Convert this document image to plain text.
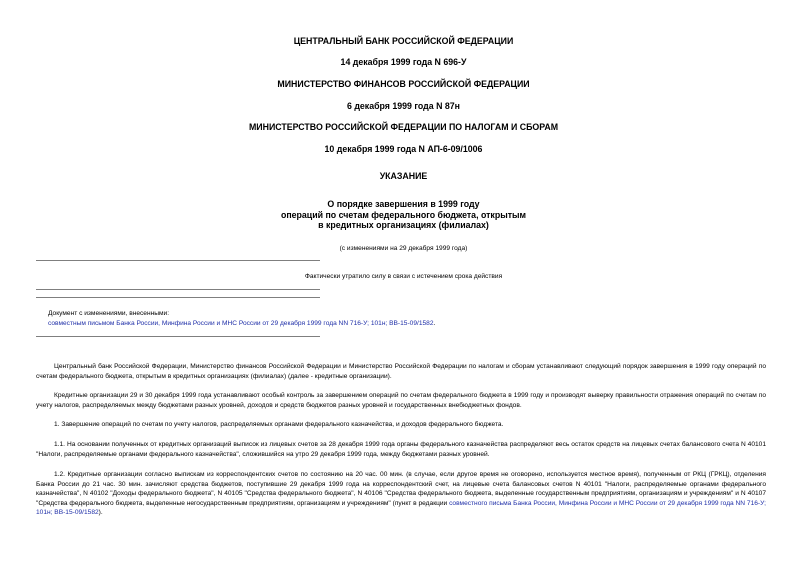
ЦЕНТРАЛЬНЫЙ БАНК РОССИЙСКОЙ ФЕДЕРАЦИИ
14 декабря 1999 года N 696-У
МИНИСТЕРСТВО ФИНАНСОВ РОССИЙСКОЙ ФЕДЕРАЦИИ
6 декабря 1999 года N 87н
МИНИСТЕРСТВО РОССИЙСКОЙ ФЕДЕРАЦИИ ПО НАЛОГАМ И СБОРАМ
10 декабря 1999 года N АП-6-09/1006
УКАЗАНИЕ
О порядке завершения в 1999 году
операций по счетам федерального бюджета, открытым
в кредитных организациях (филиалах)
(с изменениями на 29 декабря 1999 года)
Фактически утратило силу в связи с истечением срока действия
Документ с изменениями, внесенными:
совместным письмом Банка России, Минфина России и МНС России от 29 декабря 1999 года NN 716-У; 101н; ВВ-15-09/1582.
Центральный банк Российской Федерации, Министерство финансов Российской Федерации и Министерство Российской Федерации по налогам и сборам устанавливают следующий порядок завершения в 1999 году операций по счетам федерального бюджета, открытым в кредитных организациях (филиалах) (далее - кредитные организации).
Кредитные организации 29 и 30 декабря 1999 года устанавливают особый контроль за завершением операций по счетам федерального бюджета в 1999 году и производят выверку правильности отражения операций по счетам по учету налогов, распределяемых между бюджетами разных уровней, доходов и средств бюджетов разных уровней и государственных внебюджетных фондов.
1. Завершение операций по счетам по учету налогов, распределяемых органами федерального казначейства, и доходов федерального бюджета.
1.1. На основании полученных от кредитных организаций выписок из лицевых счетов за 28 декабря 1999 года органы федерального казначейства распределяют весь остаток средств на лицевых счетах балансового счета N 40101 "Налоги, распределяемые органами федерального казначейства", сложившийся на утро 29 декабря 1999 года, между бюджетами разных уровней.
1.2. Кредитные организации согласно выпискам из корреспондентских счетов по состоянию на 20 час. 00 мин. (в случае, если другое время не оговорено, используется местное время), полученным от РКЦ (ГРКЦ), отделения Банка России до 21 час. 30 мин. зачисляют средства бюджетов, поступившие 29 декабря 1999 года на корреспондентский счет, на лицевые счета балансовых счетов N 40101 "Налоги, распределяемые органами федерального казначейства", N 40102 "Доходы федерального бюджета", N 40105 "Средства федерального бюджета", N 40106 "Средства федерального бюджета, выделенные государственным предприятиям, организациям и учреждениям" и N 40107 "Средства федерального бюджета, выделенные негосударственным предприятиям, организациям и учреждениям" (пункт в редакции совместного письма Банка России, Минфина России и МНС России от 29 декабря 1999 года NN 716-У; 101н; ВВ-15-09/1582).
